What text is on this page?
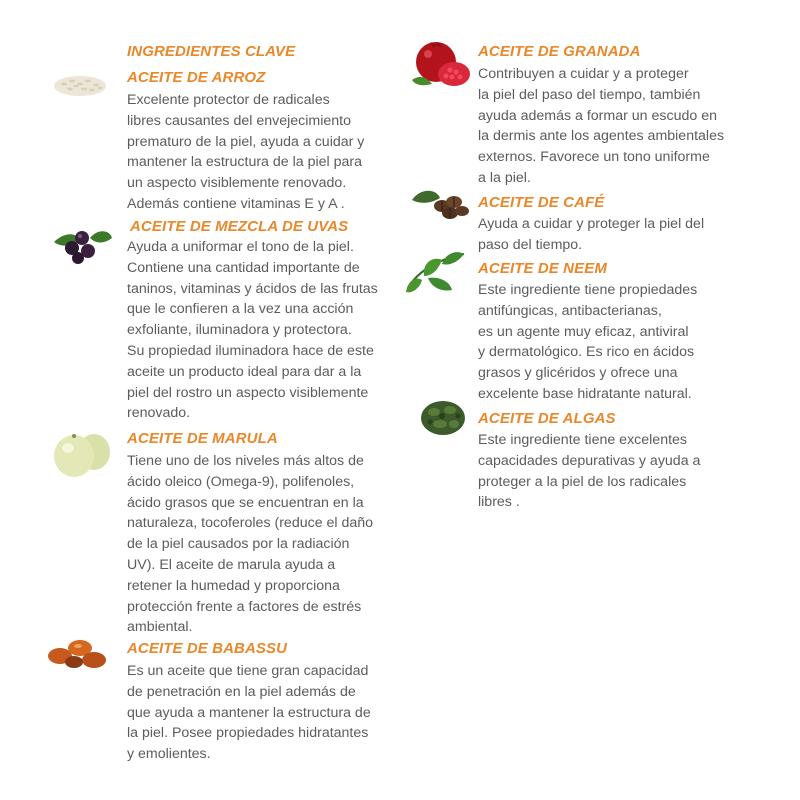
INGREDIENTES CLAVE
ACEITE DE ARROZ
Excelente protector de radicales
libres causantes del envejecimiento
prematuro de la piel, ayuda a cuidar y
mantener la estructura de la piel para
un aspecto visiblemente renovado.
Además contiene vitaminas E y A .
ACEITE DE MEZCLA DE UVAS
Ayuda a uniformar el tono de la piel.
Contiene una cantidad importante de
taninos, vitaminas y ácidos de las frutas
que le confieren a la vez una acción
exfoliante, iluminadora y protectora.
Su propiedad iluminadora hace de este
aceite un producto ideal para dar a la
piel del rostro un aspecto visiblemente
renovado.
ACEITE DE MARULA
Tiene uno de los niveles más altos de
ácido oleico (Omega-9), polifenoles,
ácido grasos que se encuentran en la
naturaleza, tocoferoles (reduce el daño
de la piel causados por la radiación
UV). El aceite de marula ayuda a
retener la humedad y proporciona
protección frente a factores de estrés
ambiental.
ACEITE DE BABASSU
Es un aceite que tiene gran capacidad
de penetración en la piel además de
que ayuda a mantener la estructura de
la piel. Posee propiedades hidratantes
y emolientes.
ACEITE DE GRANADA
Contribuyen a cuidar y a proteger
la piel del paso del tiempo, también
ayuda además a formar un escudo en
la dermis ante los agentes ambientales
externos. Favorece un tono uniforme
a la piel.
ACEITE DE CAFÉ
Ayuda a cuidar y proteger la piel del
paso del tiempo.
ACEITE DE NEEM
Este ingrediente tiene propiedades
antifúngicas, antibacterianas,
es un agente muy eficaz, antiviral
y dermatológico. Es rico en ácidos
grasos y glicéridos y ofrece una
excelente base hidratante natural.
ACEITE DE ALGAS
Este ingrediente tiene excelentes
capacidades depurativas y ayuda a
proteger a la piel de los radicales
libres .
